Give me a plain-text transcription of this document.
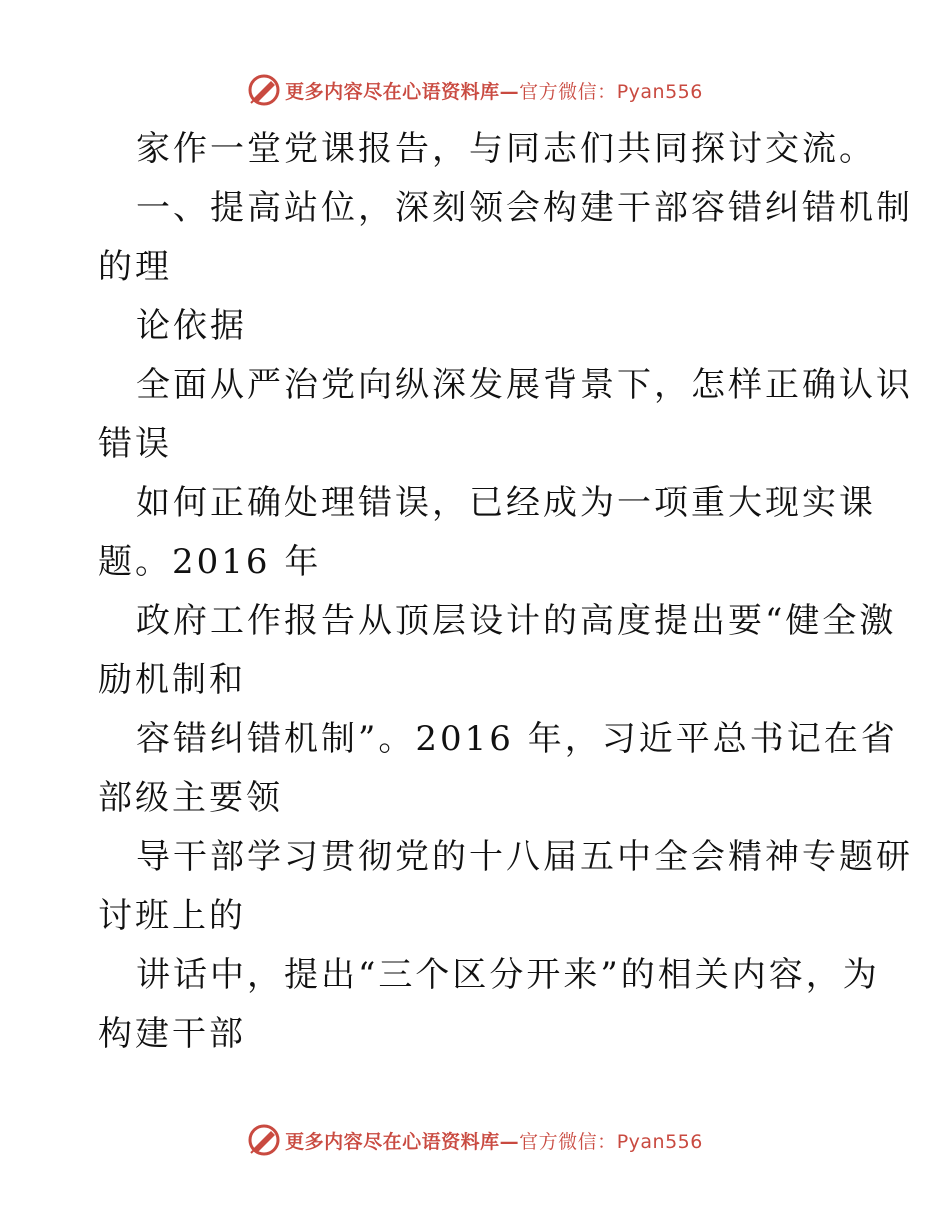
更多内容尽在心语资料库—官方微信：Pyan556
家作一堂党课报告，与同志们共同探讨交流。
一、提高站位，深刻领会构建干部容错纠错机制
的理
论依据
全面从严治党向纵深发展背景下，怎样正确认识
错误
如何正确处理错误，已经成为一项重大现实课
题。2016 年
政府工作报告从顶层设计的高度提出要“健全激
励机制和
容错纠错机制”。2016 年，习近平总书记在省
部级主要领
导干部学习贯彻党的十八届五中全会精神专题研
讨班上的
讲话中，提出“三个区分开来”的相关内容，为
构建干部
更多内容尽在心语资料库—官方微信：Pyan556
